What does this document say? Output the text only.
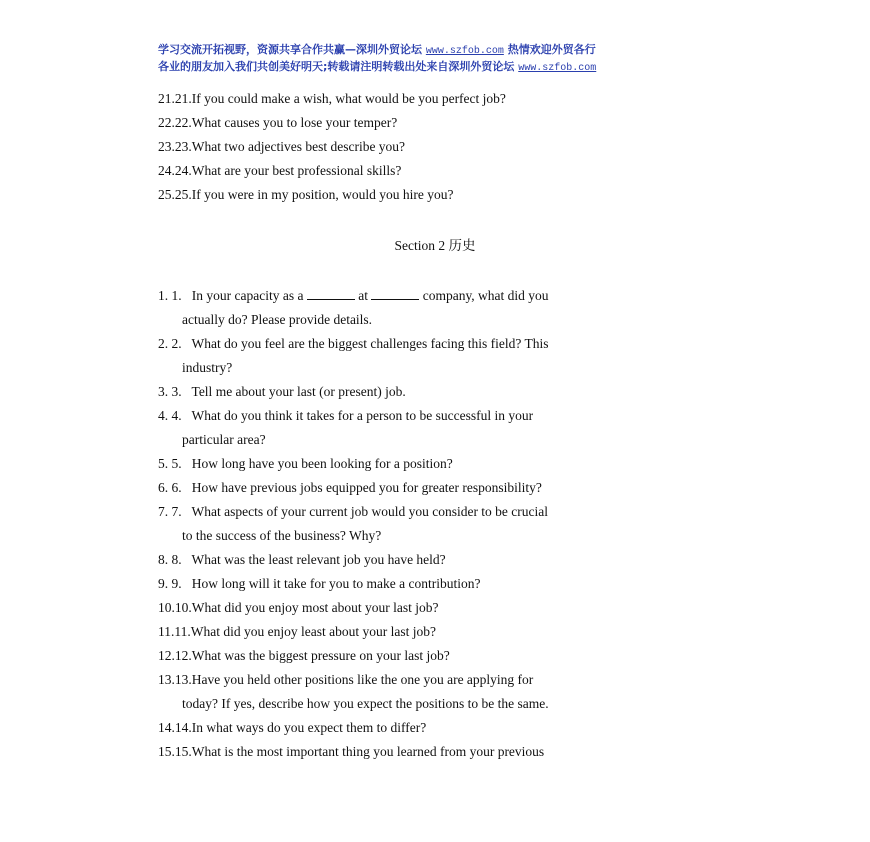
学习交流开拓视野，资源共享合作共赢—深圳外贸论坛 www.szfob.com 热情欢迎外贸各行
各业的朋友加入我们共创美好明天;转载请注明转载出处来自深圳外贸论坛 www.szfob.com

21.21.If you could make a wish, what would be you perfect job?

22.22.What causes you to lose your temper?

23.23.What two adjectives best describe you?

24.24.What are your best professional skills?

25.25.If you were in my position, would you hire you?

Section 2 历史

1. 1. In your capacity as a	at	company, what did you
actually do? Please provide details.

2. 2. What do you feel are the biggest challenges facing this field? This
industry?

3. 3. Tell me about your last (or present) job.

4. 4. What do you think it takes for a person to be successful in your
particular area?

5. 5. How long have you been looking for a position?

6. 6. How have previous jobs equipped you for greater responsibility?

7. 7. What aspects of your current job would you consider to be crucial
to the success of the business? Why?

8. 8. What was the least relevant job you have held?

9. 9. How long will it take for you to make a contribution?

10.10.What did you enjoy most about your last job?

11.11.What did you enjoy least about your last job?

12.12.What was the biggest pressure on your last job?

13.13.Have you held other positions like the one you are applying for
today? If yes, describe how you expect the positions to be the same.

14.14.In what ways do you expect them to differ?

15.15.What is the most important thing you learned from your previous
